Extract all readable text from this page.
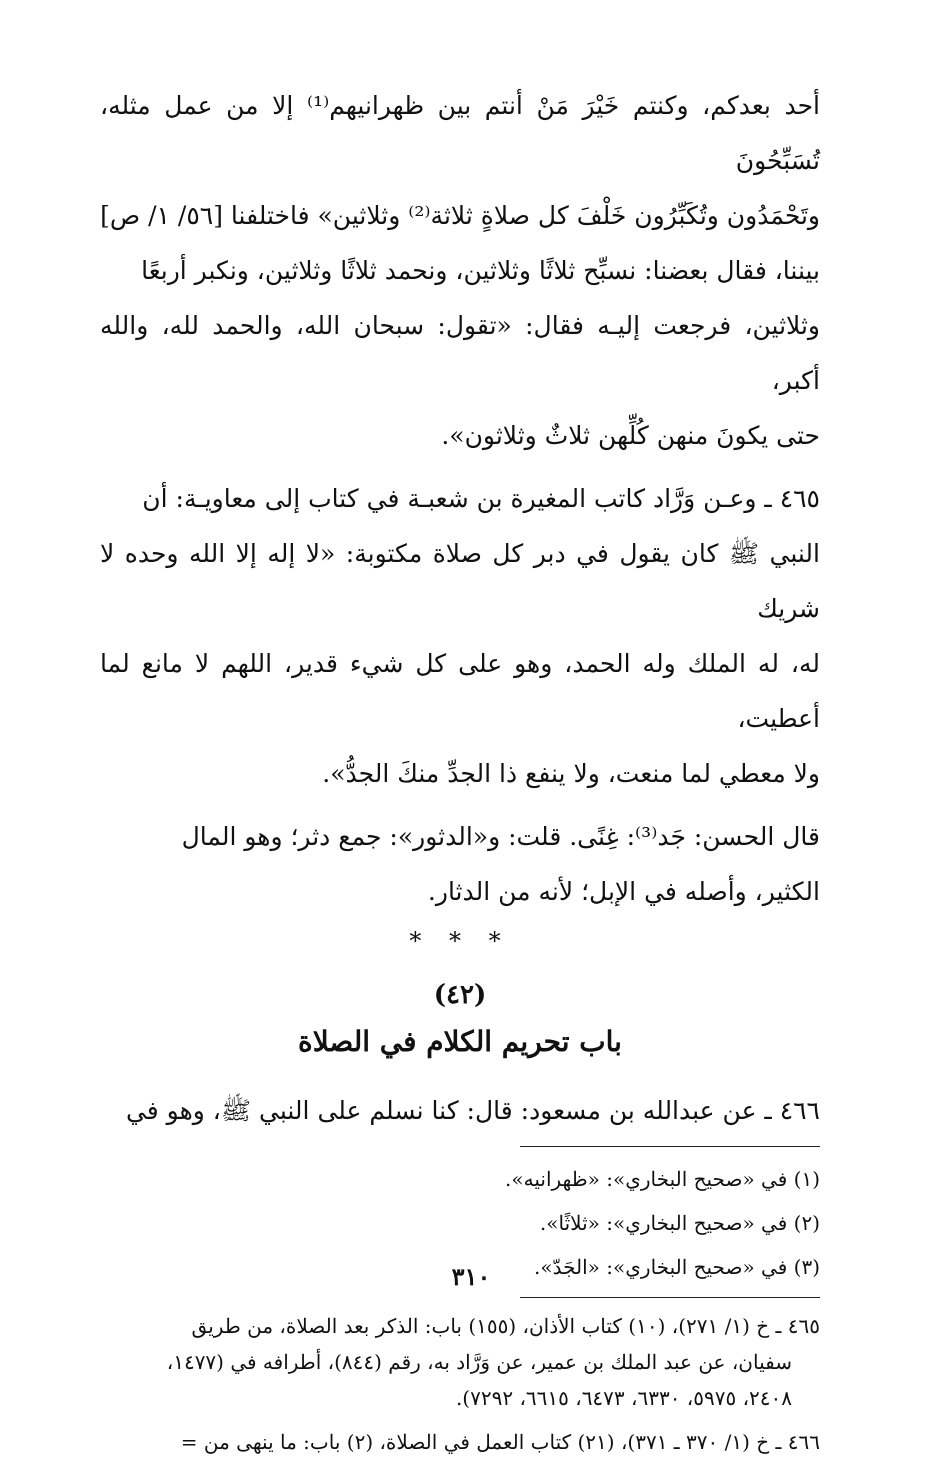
أحد بعدكم، وكنتم خَيْرَ مَنْ أنتم بين ظهرانيهم⁽¹⁾ إلا من عمل مثله، تُسَبِّحُونَ

وتَحْمَدُون وتُكَبِّرُون خَلْفَ كل صلاةٍ ثلاثة⁽²⁾ وثلاثين» فاختلفنا [٥٦/ ١/ ص]

بيننا، فقال بعضنا: نسبِّح ثلاثًا وثلاثين، ونحمد ثلاثًا وثلاثين، ونكبر أربعًا

وثلاثين، فرجعت إليـه فقال: «تقول: سبحان الله، والحمد لله، والله أكبر،

حتى يكونَ منهن كُلِّهن ثلاثٌ وثلاثون».

٤٦٥ ـ وعـن وَرَّاد كاتب المغيرة بن شعبـة في كتاب إلى معاويـة: أن

النبي ﷺ كان يقول في دبر كل صلاة مكتوبة: «لا إله إلا الله وحده لا شريك

له، له الملك وله الحمد، وهو على كل شيء قدير، اللهم لا مانع لما أعطيت،

ولا معطي لما منعت، ولا ينفع ذا الجدِّ منكَ الجدُّ».

قال الحسن: جَد⁽³⁾: غِنًى. قلت: و«الدثور»: جمع دثر؛ وهو المال

الكثير، وأصله في الإبل؛ لأنه من الدثار.

* * *
(٤٢)
باب تحريم الكلام في الصلاة

٤٦٦ ـ عن عبدالله بن مسعود: قال: كنا نسلم على النبي ﷺ، وهو في

(١) في «صحيح البخاري»: «ظهرانيه».
(٢) في «صحيح البخاري»: «ثلاثًا».
(٣) في «صحيح البخاري»: «الجَدّ».

٤٦٥ ـ خ (١/ ٢٧١)، (١٠) كتاب الأذان، (١٥٥) باب: الذكر بعد الصلاة، من طريق

سفيان، عن عبد الملك بن عمير، عن وَرَّاد به، رقم (٨٤٤)، أطرافه في (١٤٧٧،

٢٤٠٨، ٥٩٧٥، ٦٣٣٠، ٦٤٧٣، ٦٦١٥، ٧٢٩٢).

٤٦٦ ـ خ (١/ ٣٧٠ ـ ٣٧١)، (٢١) كتاب العمل في الصلاة، (٢) باب: ما ينهى من =

٣١٠
